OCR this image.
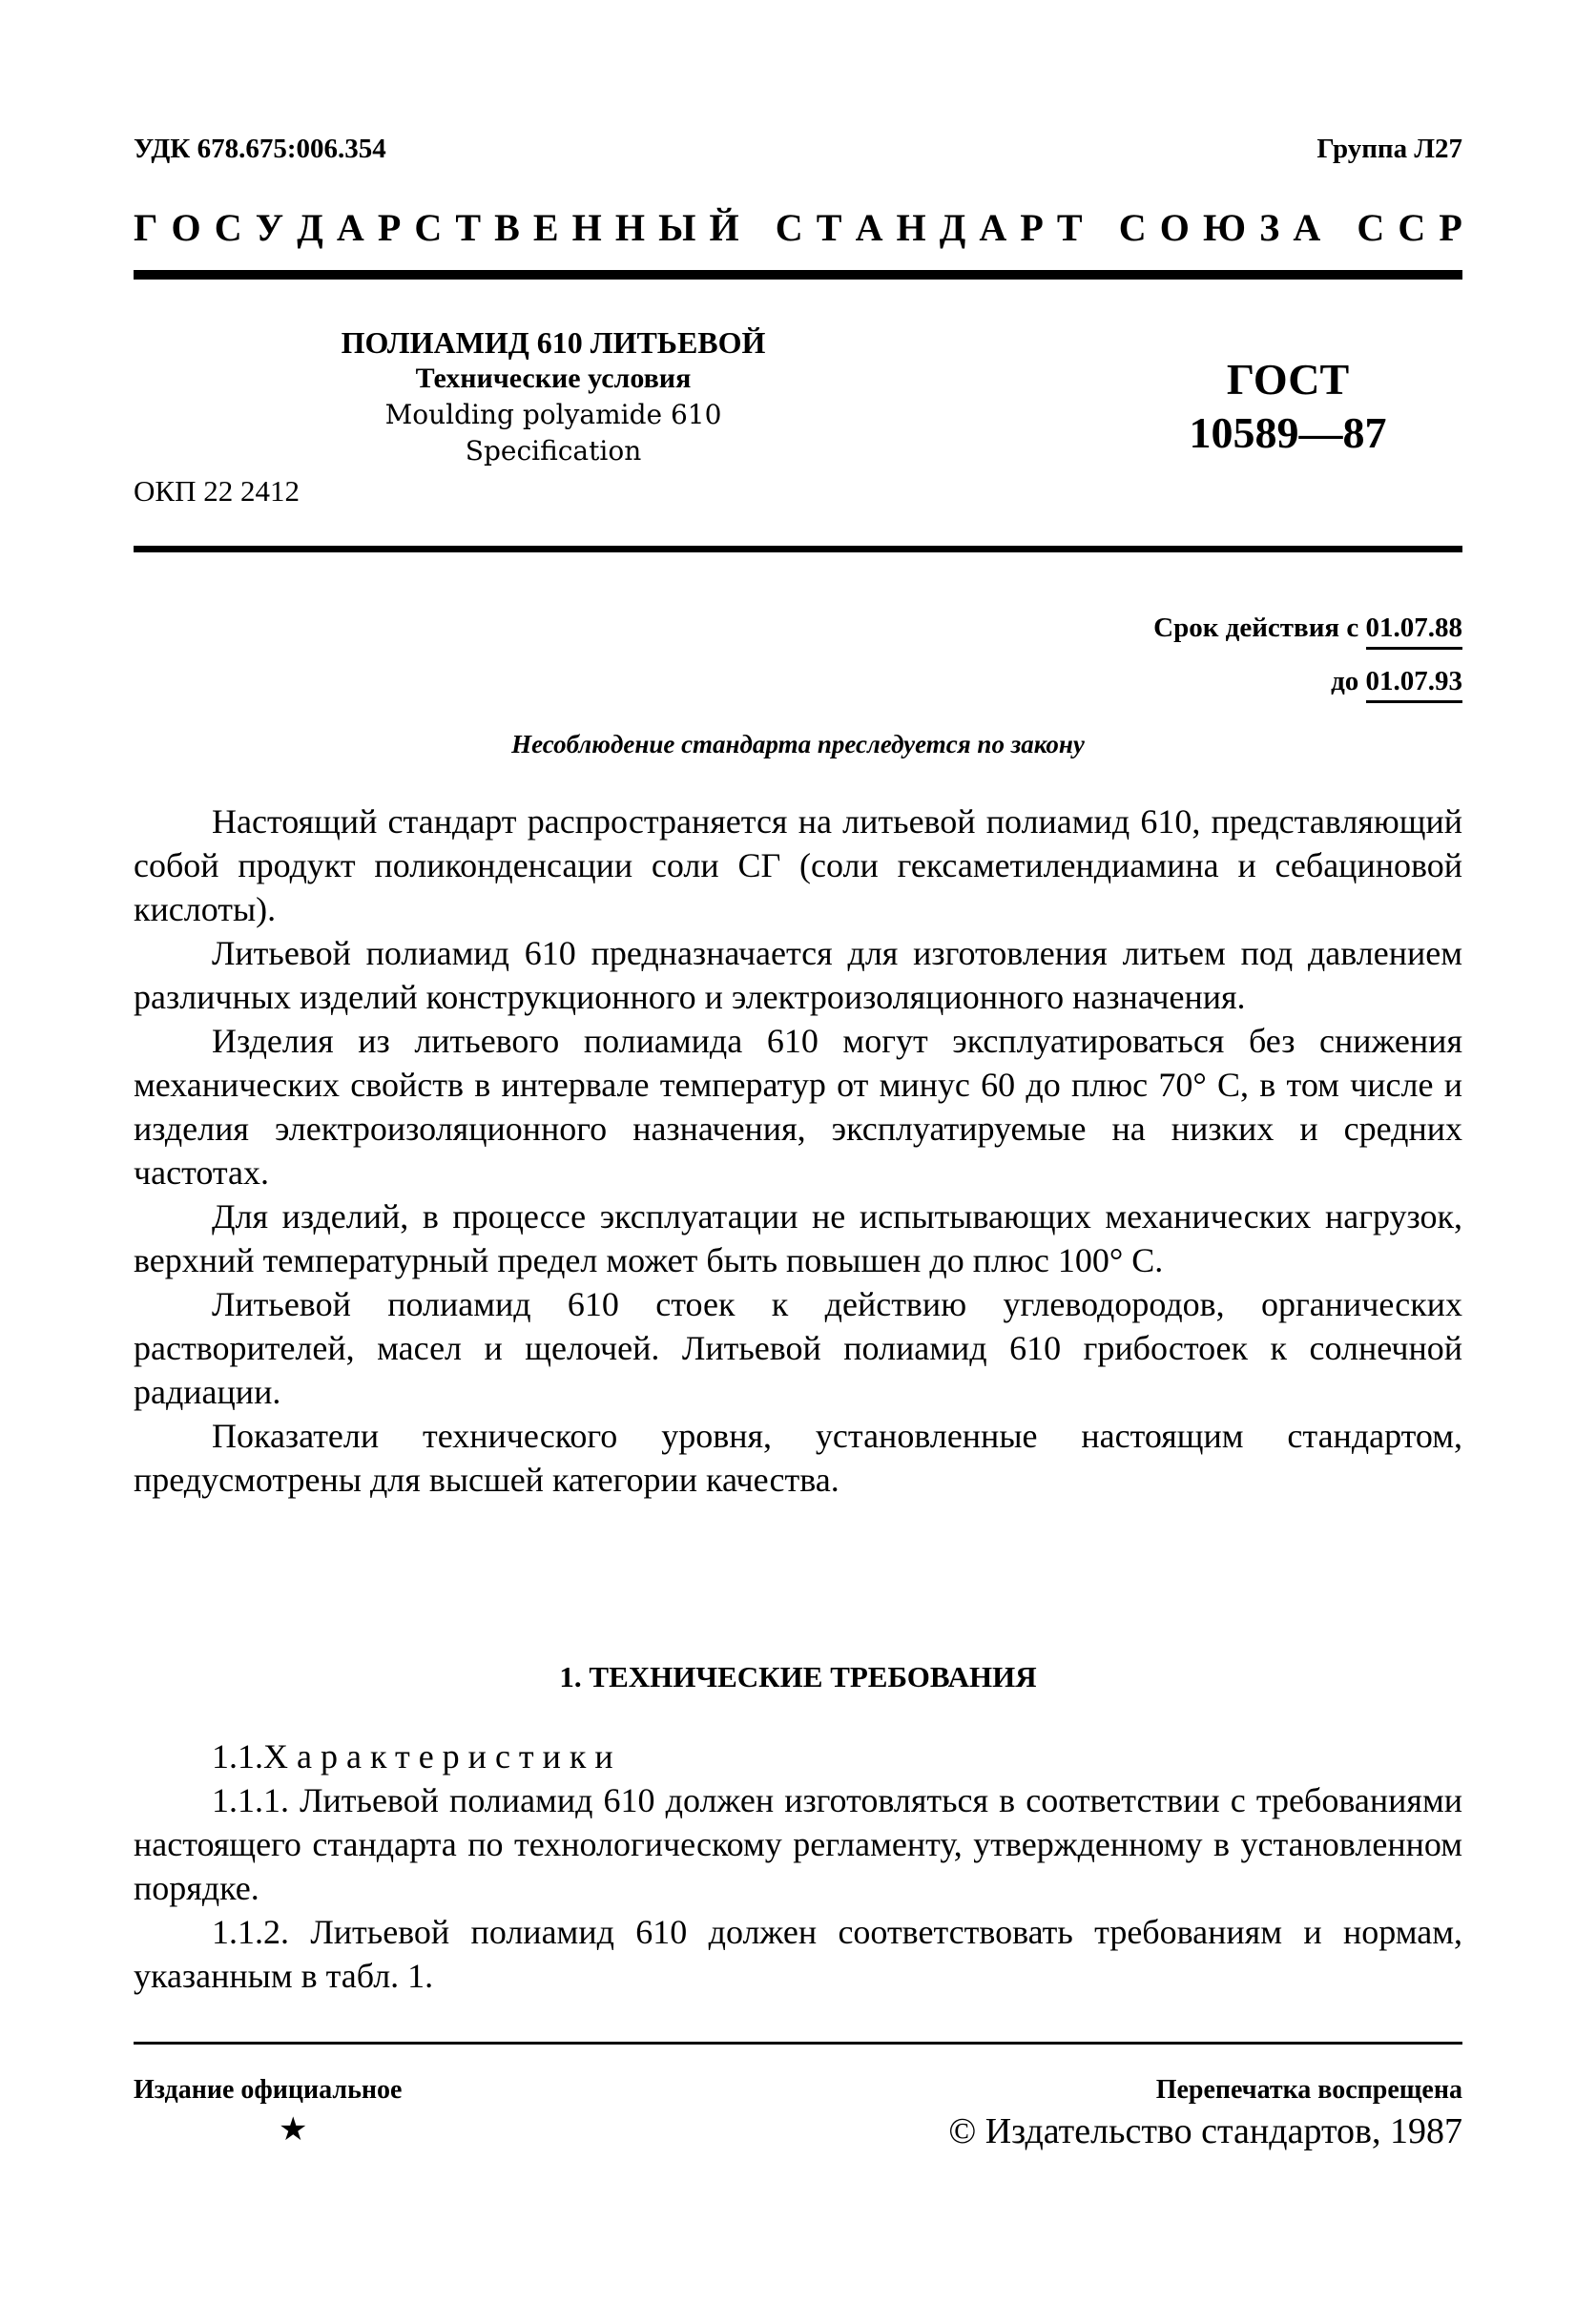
УДК 678.675:006.354	Группа Л27
Г О С У Д А Р С Т В Е Н Н Ы Й
С Т А Н Д А Р Т
С О Ю З А
С С Р
ПОЛИАМИД 610 ЛИТЬЕВОЙ
Технические условия
Moulding polyamide 610
Specification
ГОСТ
10589—87
ОКП 22 2412
Срок действия с 01.07.88
до 01.07.93
Несоблюдение стандарта преследуется по закону

Настоящий стандарт распространяется на литьевой полиамид 610, представляющий собой продукт поликонденсации соли СГ (соли гексаметилендиамина и себациновой кислоты).

Литьевой полиамид 610 предназначается для изготовления литьем под давлением различных изделий конструкционного и электроизоляционного назначения.

Изделия из литьевого полиамида 610 могут эксплуатироваться без снижения механических свойств в интервале температур от минус 60 до плюс 70° С, в том числе и изделия электроизоляционного назначения, эксплуатируемые на низких и средних частотах.

Для изделий, в процессе эксплуатации не испытывающих механических нагрузок, верхний температурный предел может быть повышен до плюс 100° С.

Литьевой полиамид 610 стоек к действию углеводородов, органических растворителей, масел и щелочей. Литьевой полиамид 610 грибостоек к солнечной радиации.

Показатели технического уровня, установленные настоящим стандартом, предусмотрены для высшей категории качества.

1. ТЕХНИЧЕСКИЕ ТРЕБОВАНИЯ

1.1.Характеристики

1.1.1. Литьевой полиамид 610 должен изготовляться в соответствии с требованиями настоящего стандарта по технологическому регламенту, утвержденному в установленном порядке.

1.1.2. Литьевой полиамид 610 должен соответствовать требованиям и нормам, указанным в табл. 1.

Издание официальное
★
Перепечатка воспрещена
© Издательство стандартов, 1987
